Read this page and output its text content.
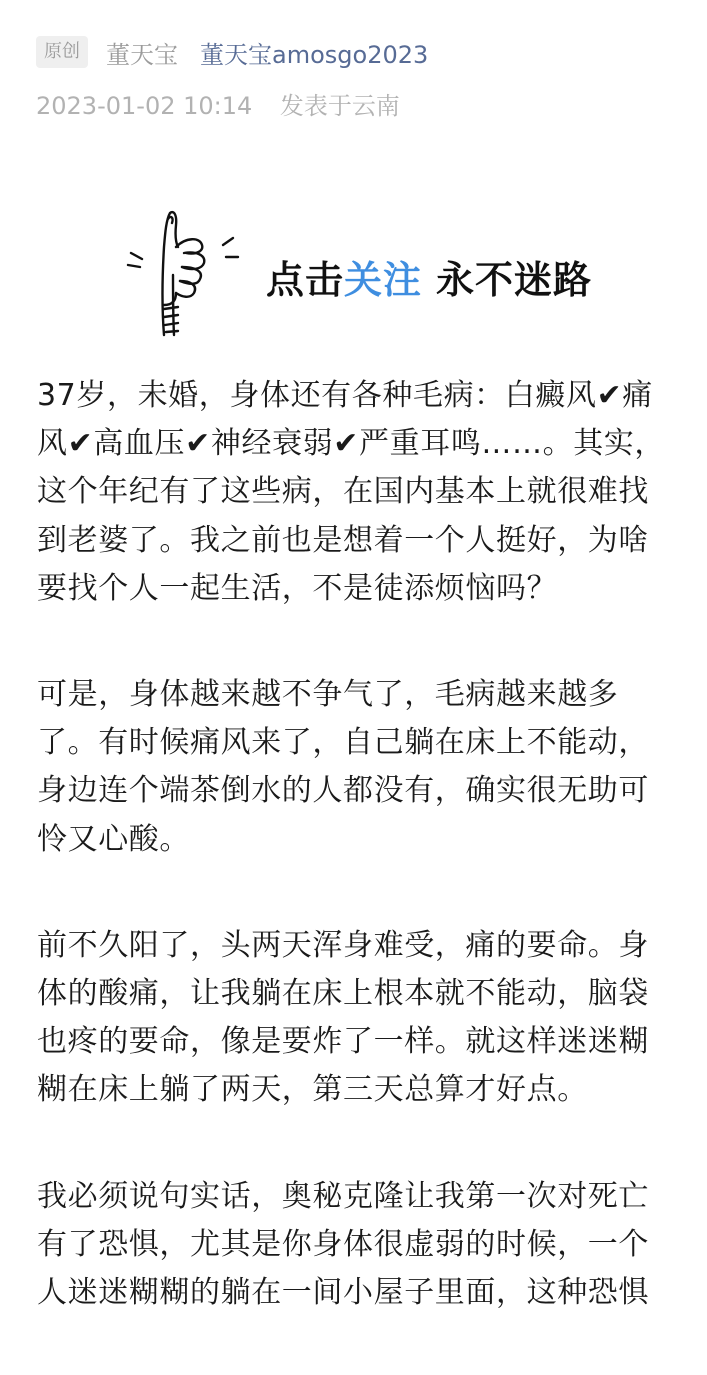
原创	董天宝 董天宝amosgo2023
2023-01-02 10:14 发表于云南
点击关注 永不迷路

37岁，未婚，身体还有各种毛病：白癜风✔痛风✔高血压✔神经衰弱✔严重耳鸣……。其实，这个年纪有了这些病，在国内基本上就很难找到老婆了。我之前也是想着一个人挺好，为啥要找个人一起生活，不是徒添烦恼吗？

可是，身体越来越不争气了，毛病越来越多了。有时候痛风来了，自己躺在床上不能动，身边连个端茶倒水的人都没有，确实很无助可怜又心酸。

前不久阳了，头两天浑身难受，痛的要命。身体的酸痛，让我躺在床上根本就不能动，脑袋也疼的要命，像是要炸了一样。就这样迷迷糊糊在床上躺了两天，第三天总算才好点。

我必须说句实话，奥秘克隆让我第一次对死亡有了恐惧，尤其是你身体很虚弱的时候，一个人迷迷糊糊的躺在一间小屋子里面，这种恐惧
